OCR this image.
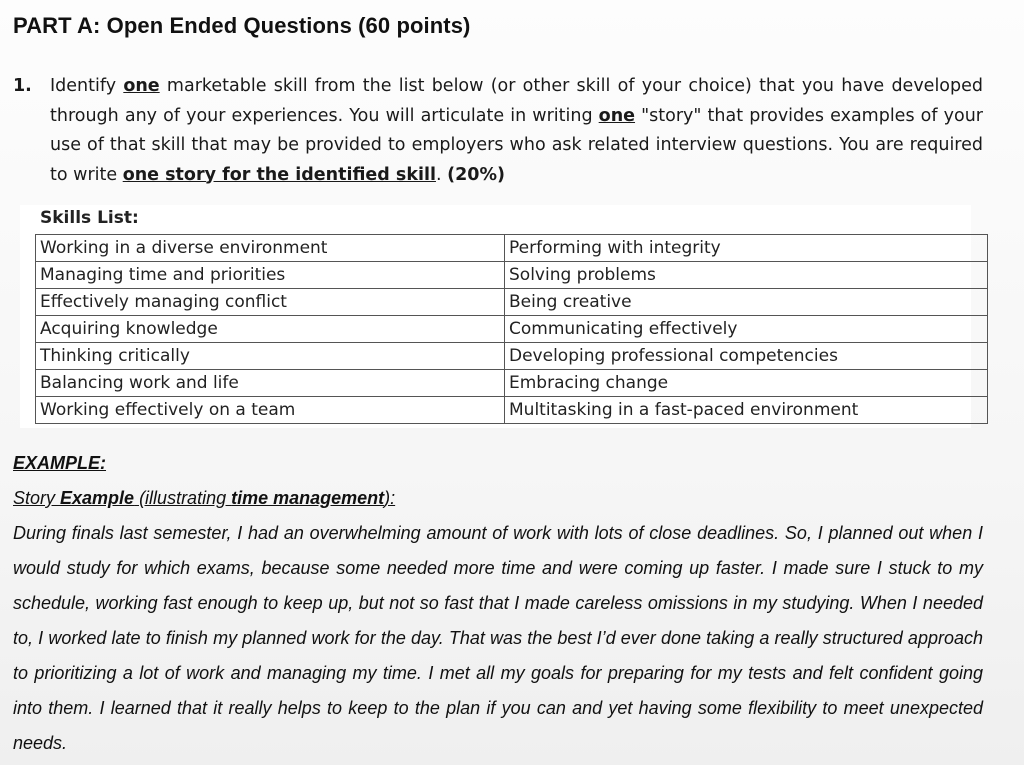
PART A: Open Ended Questions (60 points)
1. Identify one marketable skill from the list below (or other skill of your choice) that you have developed through any of your experiences. You will articulate in writing one "story" that provides examples of your use of that skill that may be provided to employers who ask related interview questions. You are required to write one story for the identified skill. (20%)
Skills List:
Working in a diverse environment	Performing with integrity
Managing time and priorities	Solving problems
Effectively managing conflict	Being creative
Acquiring knowledge	Communicating effectively
Thinking critically	Developing professional competencies
Balancing work and life	Embracing change
Working effectively on a team	Multitasking in a fast-paced environment
EXAMPLE:
Story Example (illustrating time management):
During finals last semester, I had an overwhelming amount of work with lots of close deadlines. So, I planned out when I would study for which exams, because some needed more time and were coming up faster. I made sure I stuck to my schedule, working fast enough to keep up, but not so fast that I made careless omissions in my studying. When I needed to, I worked late to finish my planned work for the day. That was the best I’d ever done taking a really structured approach to prioritizing a lot of work and managing my time. I met all my goals for preparing for my tests and felt confident going into them. I learned that it really helps to keep to the plan if you can and yet having some flexibility to meet unexpected needs.
